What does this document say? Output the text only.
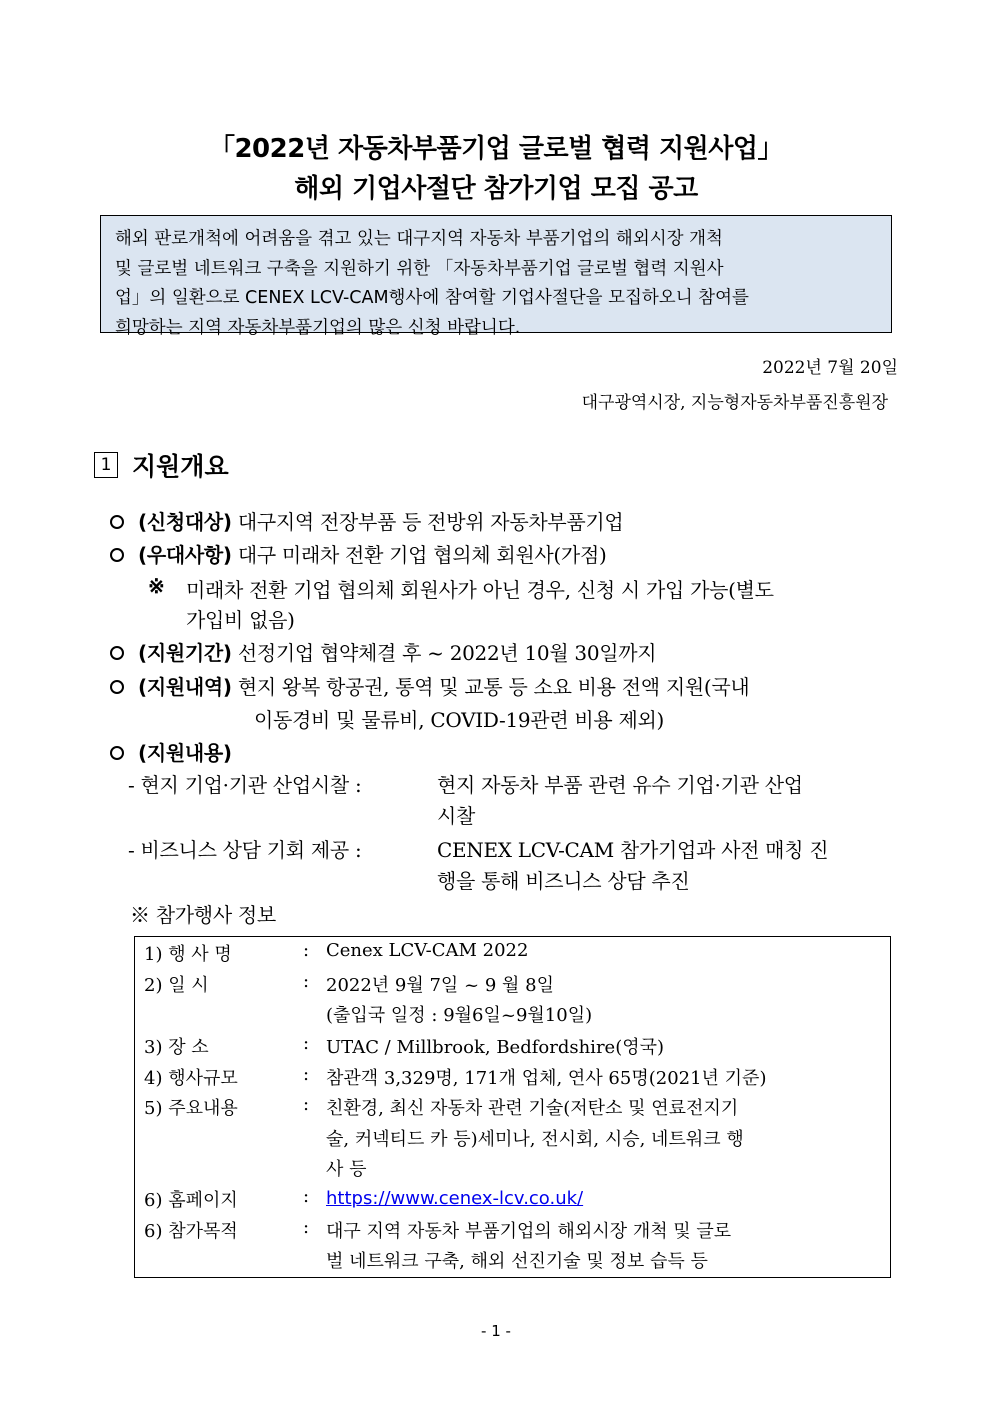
「2022년 자동차부품기업 글로벌 협력 지원사업」
해외 기업사절단 참가기업 모집 공고
해외 판로개척에 어려움을 겪고 있는 대구지역 자동차 부품기업의 해외시장 개척
및 글로벌 네트워크 구축을 지원하기 위한 「자동차부품기업 글로벌 협력 지원사
업」의 일환으로 CENEX LCV-CAM행사에 참여할 기업사절단을 모집하오니 참여를
희망하는 지역 자동차부품기업의 많은 신청 바랍니다.
2022년 7월 20일
대구광역시장, 지능형자동차부품진흥원장
1 지원개요
(신청대상) 대구지역 전장부품 등 전방위 자동차부품기업
(우대사항) 대구 미래차 전환 기업 협의체 회원사(가점)
※ 미래차 전환 기업 협의체 회원사가 아닌 경우, 신청 시 가입 가능(별도
가입비 없음)
(지원기간) 선정기업 협약체결 후 ~ 2022년 10월 30일까지
(지원내역) 현지 왕복 항공권, 통역 및 교통 등 소요 비용 전액 지원(국내
이동경비 및 물류비, COVID-19관련 비용 제외)
(지원내용)
- 현지 기업·기관 산업시찰 :	현지 자동차 부품 관련 유수 기업·기관 산업
시찰
- 비즈니스 상담 기회 제공 :	CENEX LCV-CAM 참가기업과 사전 매칭 진
행을 통해 비즈니스 상담 추진
※ 참가행사 정보
1) 행 사 명	: Cenex LCV-CAM 2022
2) 일 시	: 2022년 9월 7일 ~ 9 월 8일
(출입국 일정 : 9월6일~9월10일)
3) 장 소	: UTAC / Millbrook, Bedfordshire(영국)
4) 행사규모	: 참관객 3,329명, 171개 업체, 연사 65명(2021년 기준)
5) 주요내용	: 친환경, 최신 자동차 관련 기술(저탄소 및 연료전지기
술, 커넥티드 카 등)세미나, 전시회, 시승, 네트워크 행
사 등
6) 홈페이지	: https://www.cenex-lcv.co.uk/
6) 참가목적	: 대구 지역 자동차 부품기업의 해외시장 개척 및 글로
벌 네트워크 구축, 해외 선진기술 및 정보 습득 등
- 1 -
